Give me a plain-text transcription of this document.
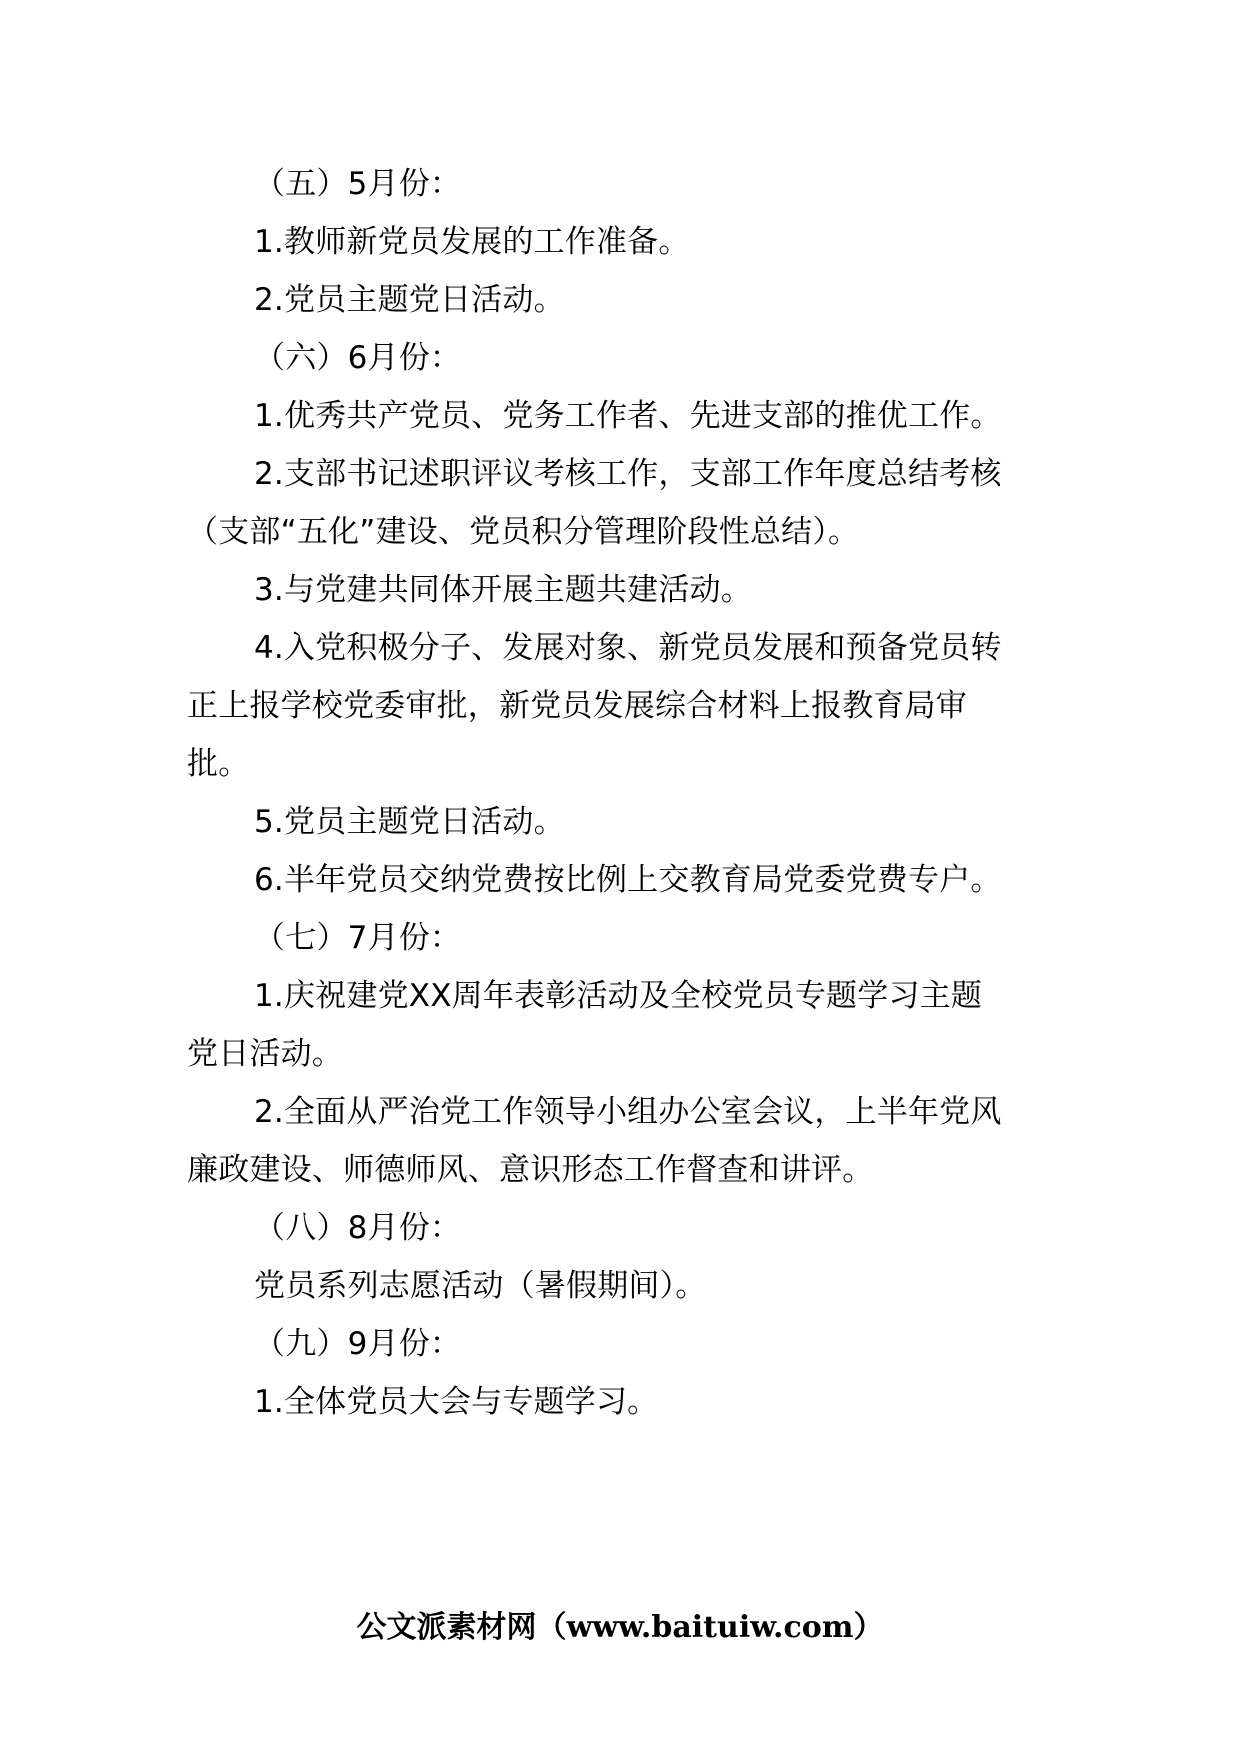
（五）5月份：
1.教师新党员发展的工作准备。
2.党员主题党日活动。
（六）6月份：
1.优秀共产党员、党务工作者、先进支部的推优工作。
2.支部书记述职评议考核工作，支部工作年度总结考核
（支部“五化”建设、党员积分管理阶段性总结）。
3.与党建共同体开展主题共建活动。
4.入党积极分子、发展对象、新党员发展和预备党员转
正上报学校党委审批，新党员发展综合材料上报教育局审
批。
5.党员主题党日活动。
6.半年党员交纳党费按比例上交教育局党委党费专户。
（七）7月份：
1.庆祝建党XX周年表彰活动及全校党员专题学习主题
党日活动。
2.全面从严治党工作领导小组办公室会议，上半年党风
廉政建设、师德师风、意识形态工作督查和讲评。
（八）8月份：
党员系列志愿活动（暑假期间）。
（九）9月份：
1.全体党员大会与专题学习。
公文派素材网（www.baituiw.com）
